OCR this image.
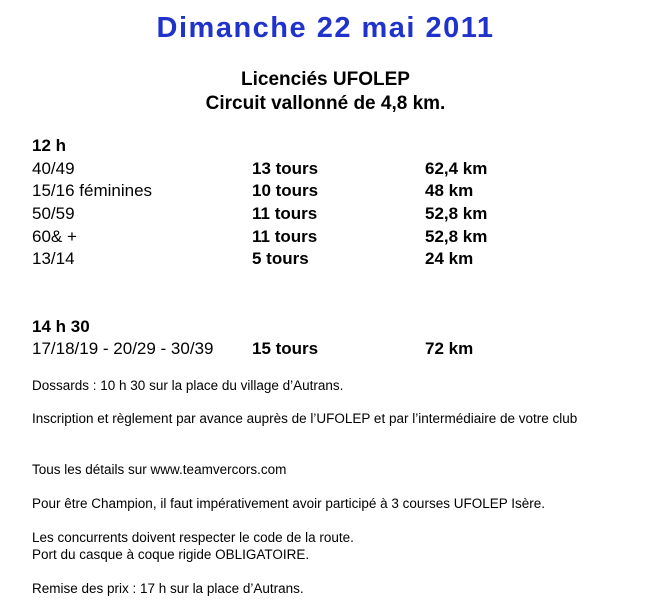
Dimanche 22 mai 2011
Licenciés UFOLEP
Circuit vallonné de 4,8 km.
12 h
40/49	13 tours	62,4 km
15/16 féminines	10 tours	48 km
50/59	11 tours	52,8 km
60& +	11 tours	52,8 km
13/14	5 tours	24 km
14 h 30
17/18/19 - 20/29 - 30/39 15 tours	72 km
Dossards : 10 h 30 sur la place du village d’Autrans.
Inscription et règlement par avance auprès de l’UFOLEP et par l’intermédiaire de votre club
Tous les détails sur www.teamvercors.com
Pour être Champion, il faut impérativement avoir participé à 3 courses UFOLEP Isère.
Les concurrents doivent respecter le code de la route.
Port du casque à coque rigide OBLIGATOIRE.
Remise des prix : 17 h sur la place d’Autrans.
